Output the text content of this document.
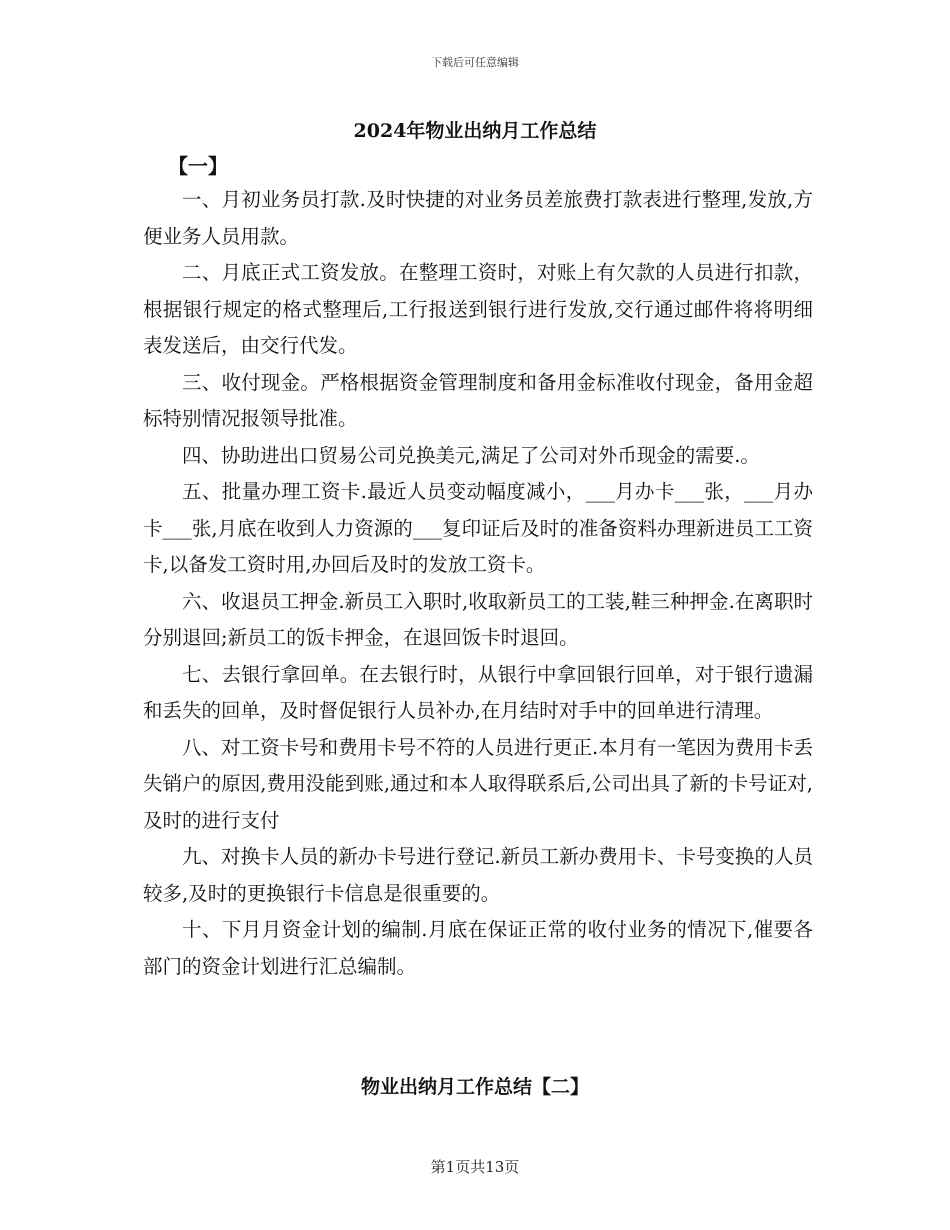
下载后可任意编辑
2024年物业出纳月工作总结
【一】

一、月初业务员打款.及时快捷的对业务员差旅费打款表进行整理,发放,方便业务人员用款。

二、月底正式工资发放。在整理工资时，对账上有欠款的人员进行扣款，根据银行规定的格式整理后,工行报送到银行进行发放,交行通过邮件将将明细表发送后，由交行代发。

三、收付现金。严格根据资金管理制度和备用金标准收付现金，备用金超标特别情况报领导批准。

四、协助进出口贸易公司兑换美元,满足了公司对外币现金的需要.。

五、批量办理工资卡.最近人员变动幅度减小，___月办卡___张，___月办卡___张,月底在收到人力资源的___复印证后及时的准备资料办理新进员工工资卡,以备发工资时用,办回后及时的发放工资卡。

六、收退员工押金.新员工入职时,收取新员工的工装,鞋三种押金.在离职时分别退回;新员工的饭卡押金，在退回饭卡时退回。

七、去银行拿回单。在去银行时，从银行中拿回银行回单，对于银行遗漏和丢失的回单，及时督促银行人员补办,在月结时对手中的回单进行清理。

八、对工资卡号和费用卡号不符的人员进行更正.本月有一笔因为费用卡丢失销户的原因,费用没能到账,通过和本人取得联系后,公司出具了新的卡号证对,及时的进行支付

九、对换卡人员的新办卡号进行登记.新员工新办费用卡、卡号变换的人员较多,及时的更换银行卡信息是很重要的。

十、下月月资金计划的编制.月底在保证正常的收付业务的情况下,催要各部门的资金计划进行汇总编制。

物业出纳月工作总结【二】
第1页共13页
